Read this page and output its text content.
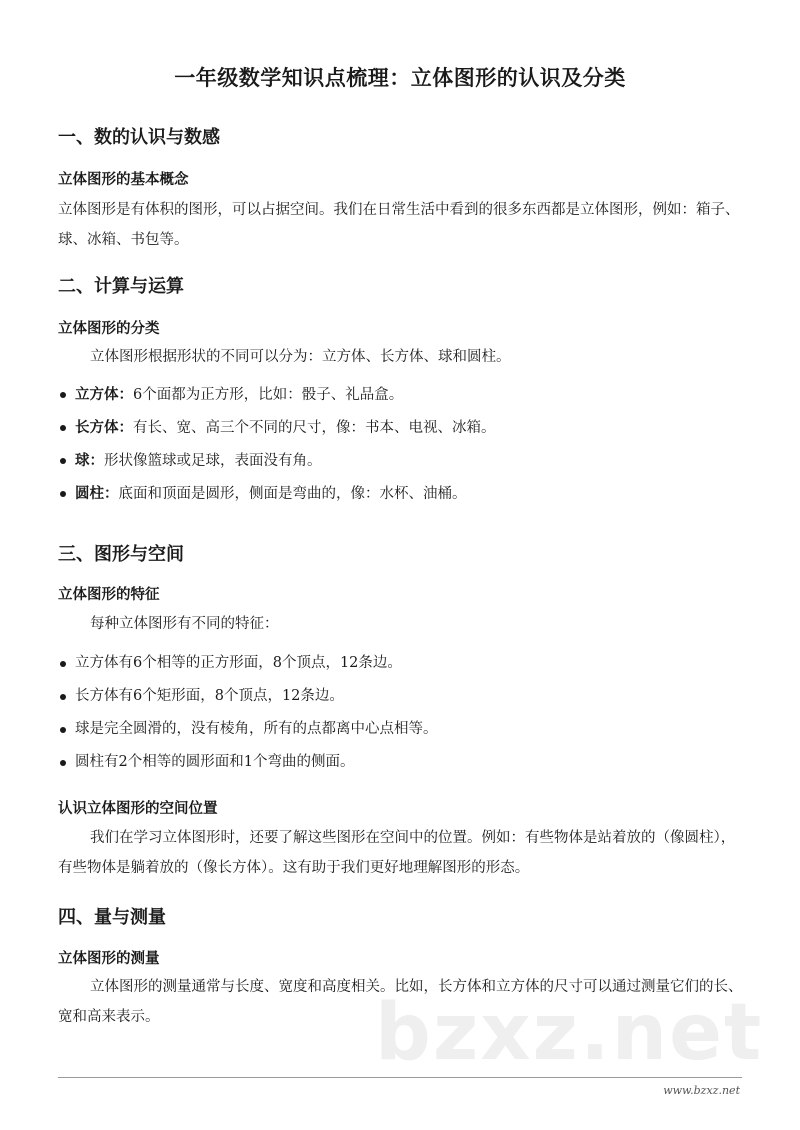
一年级数学知识点梳理：立体图形的认识及分类
一、数的认识与数感
立体图形的基本概念
立体图形是有体积的图形，可以占据空间。我们在日常生活中看到的很多东西都是立体图形，例如：箱子、球、冰箱、书包等。
二、计算与运算
立体图形的分类
立体图形根据形状的不同可以分为：立方体、长方体、球和圆柱。
立方体：6个面都为正方形，比如：骰子、礼品盒。
长方体：有长、宽、高三个不同的尺寸，像：书本、电视、冰箱。
球：形状像篮球或足球，表面没有角。
圆柱：底面和顶面是圆形，侧面是弯曲的，像：水杯、油桶。
三、图形与空间
立体图形的特征
每种立体图形有不同的特征：
立方体有6个相等的正方形面，8个顶点，12条边。
长方体有6个矩形面，8个顶点，12条边。
球是完全圆滑的，没有棱角，所有的点都离中心点相等。
圆柱有2个相等的圆形面和1个弯曲的侧面。
认识立体图形的空间位置
我们在学习立体图形时，还要了解这些图形在空间中的位置。例如：有些物体是站着放的（像圆柱），有些物体是躺着放的（像长方体）。这有助于我们更好地理解图形的形态。
四、量与测量
立体图形的测量
立体图形的测量通常与长度、宽度和高度相关。比如，长方体和立方体的尺寸可以通过测量它们的长、宽和高来表示。	bzxz.net
www.bzxz.net
